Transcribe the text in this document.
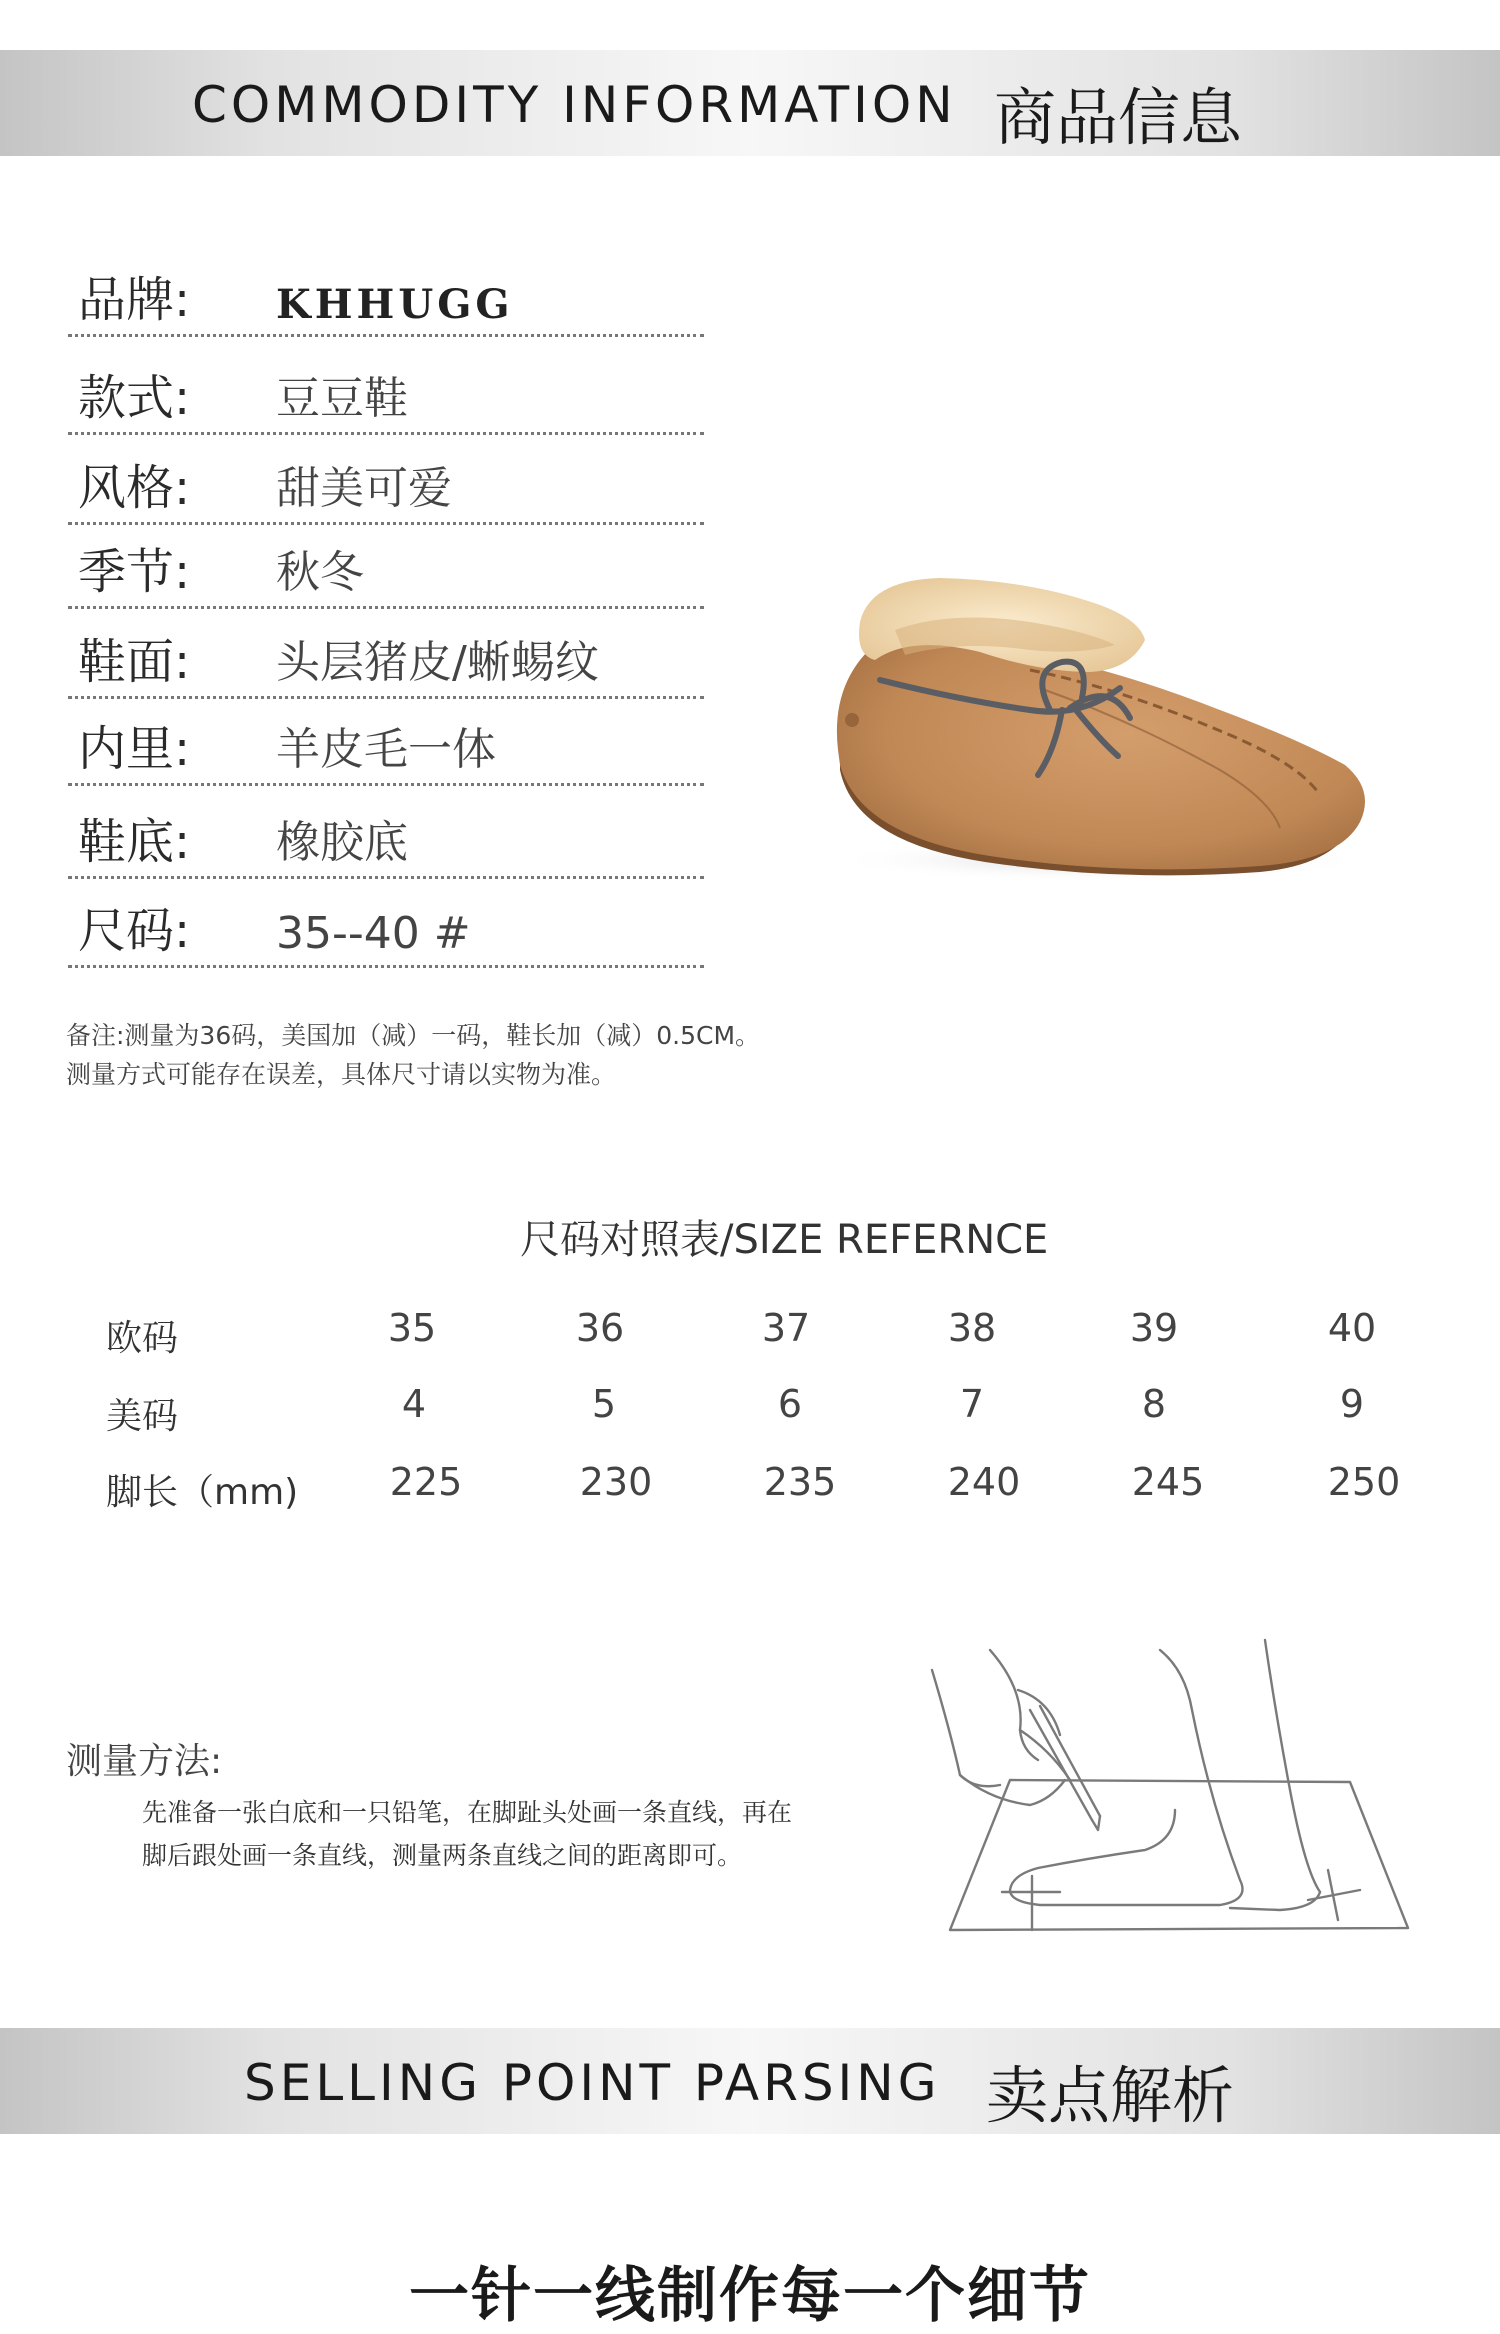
COMMODITY INFORMATION 商品信息
品牌: KHHUGG
款式: 豆豆鞋
风格: 甜美可爱
季节: 秋冬
鞋面: 头层猪皮/蜥蜴纹
内里: 羊皮毛一体
鞋底: 橡胶底
尺码: 35--40 #
备注:测量为36码，美国加（减）一码，鞋长加（减）0.5CM。
测量方式可能存在误差，具体尺寸请以实物为准。
尺码对照表/SIZE REFERNCE
欧码	35	36	37	38	39	40
美码	4	5	6	7	8	9
脚长（mm)	225	230	235	240	245	250
测量方法:
先准备一张白底和一只铅笔，在脚趾头处画一条直线，再在
脚后跟处画一条直线，测量两条直线之间的距离即可。
SELLING POINT PARSING 卖点解析
一针一线制作每一个细节
